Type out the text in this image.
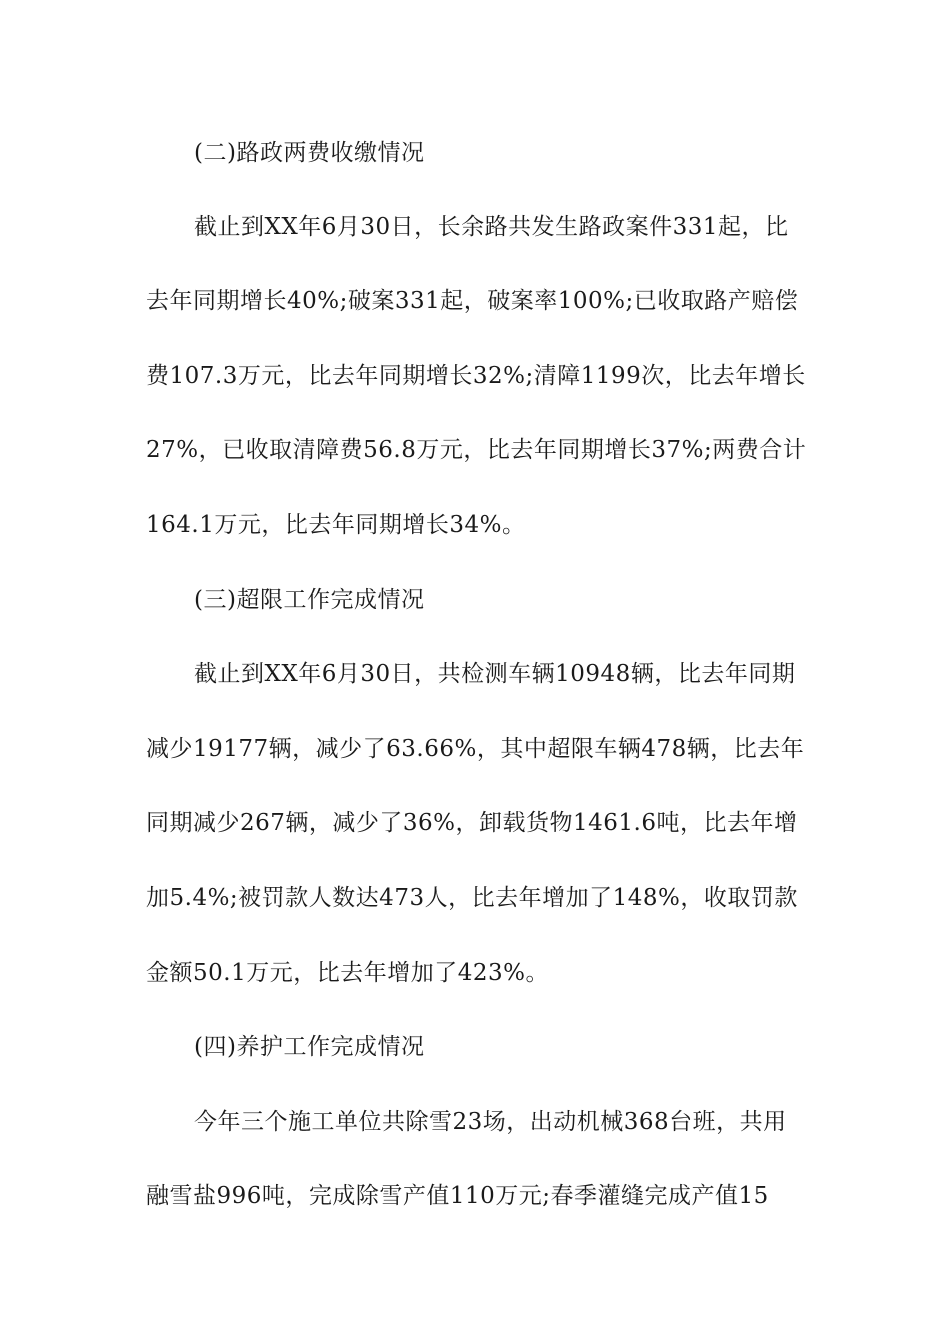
(二)路政两费收缴情况
截止到XX年6月30日，长余路共发生路政案件331起，比
去年同期增长40%;破案331起，破案率100%;已收取路产赔偿
费107.3万元，比去年同期增长32%;清障1199次，比去年增长
27%，已收取清障费56.8万元，比去年同期增长37%;两费合计
164.1万元，比去年同期增长34%。
(三)超限工作完成情况
截止到XX年6月30日，共检测车辆10948辆，比去年同期
减少19177辆，减少了63.66%，其中超限车辆478辆，比去年
同期减少267辆，减少了36%，卸载货物1461.6吨，比去年增
加5.4%;被罚款人数达473人，比去年增加了148%，收取罚款
金额50.1万元，比去年增加了423%。
(四)养护工作完成情况
今年三个施工单位共除雪23场，出动机械368台班，共用
融雪盐996吨，完成除雪产值110万元;春季灌缝完成产值15
